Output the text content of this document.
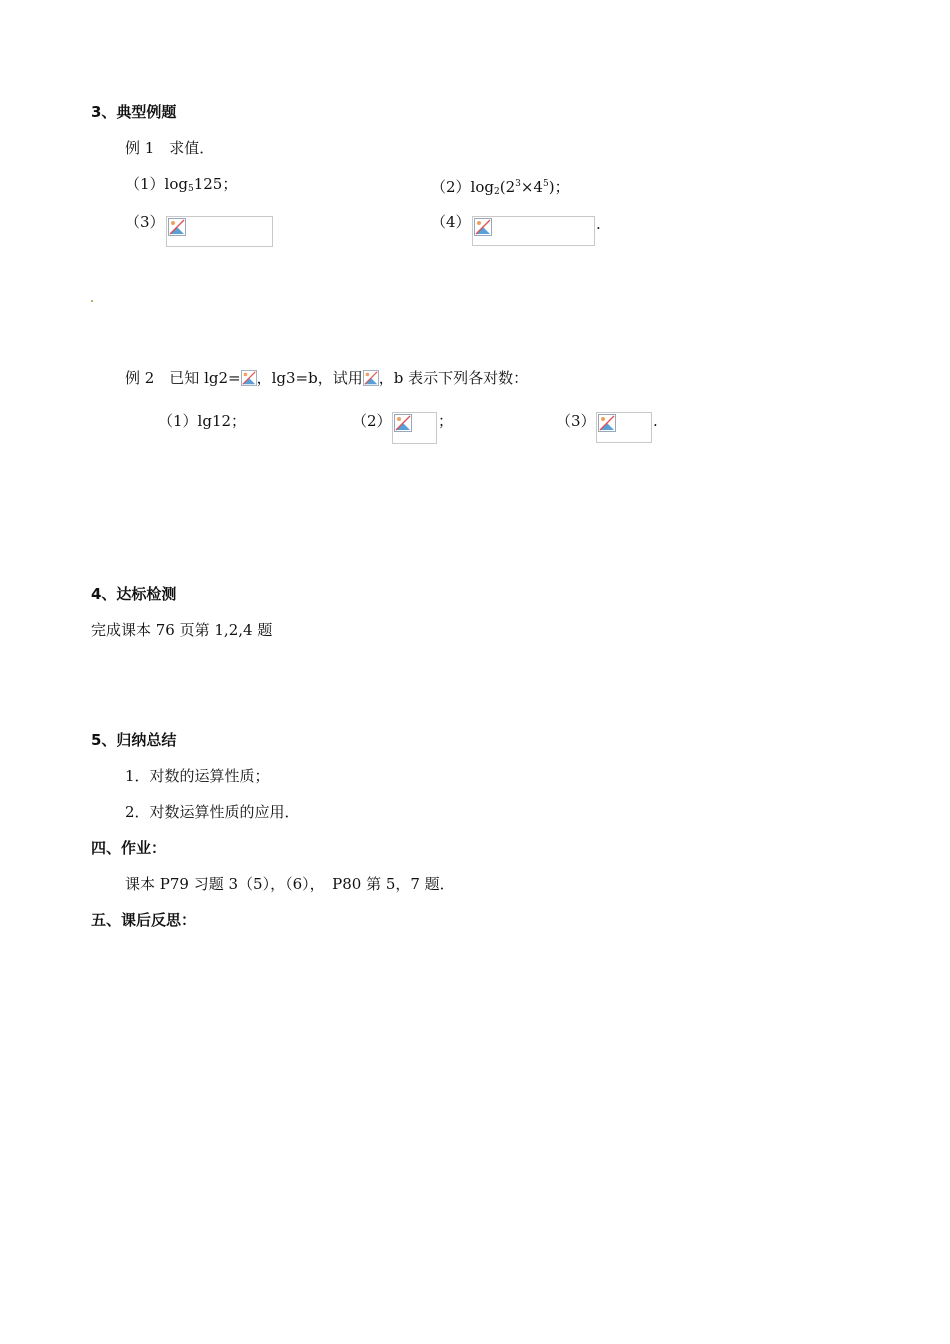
3、典型例题
例 1　求值．
$(1)\log_5125$；	$(2)\log_2(2^3\times 4^5)$；
（3）	（4）	.
例 2　已知 lg2= ，lg3=b，试用 ，b 表示下列各对数：
（1）lg12；	（2）	；	（3）	.
4、达标检测
完成课本 76 页第 1,2,4 题
5、归纳总结
1．对数的运算性质；
2．对数运算性质的应用．
四、作业：
课本 P79 习题 3（5），（6），　P80 第 5，7 题．
五、课后反思：
